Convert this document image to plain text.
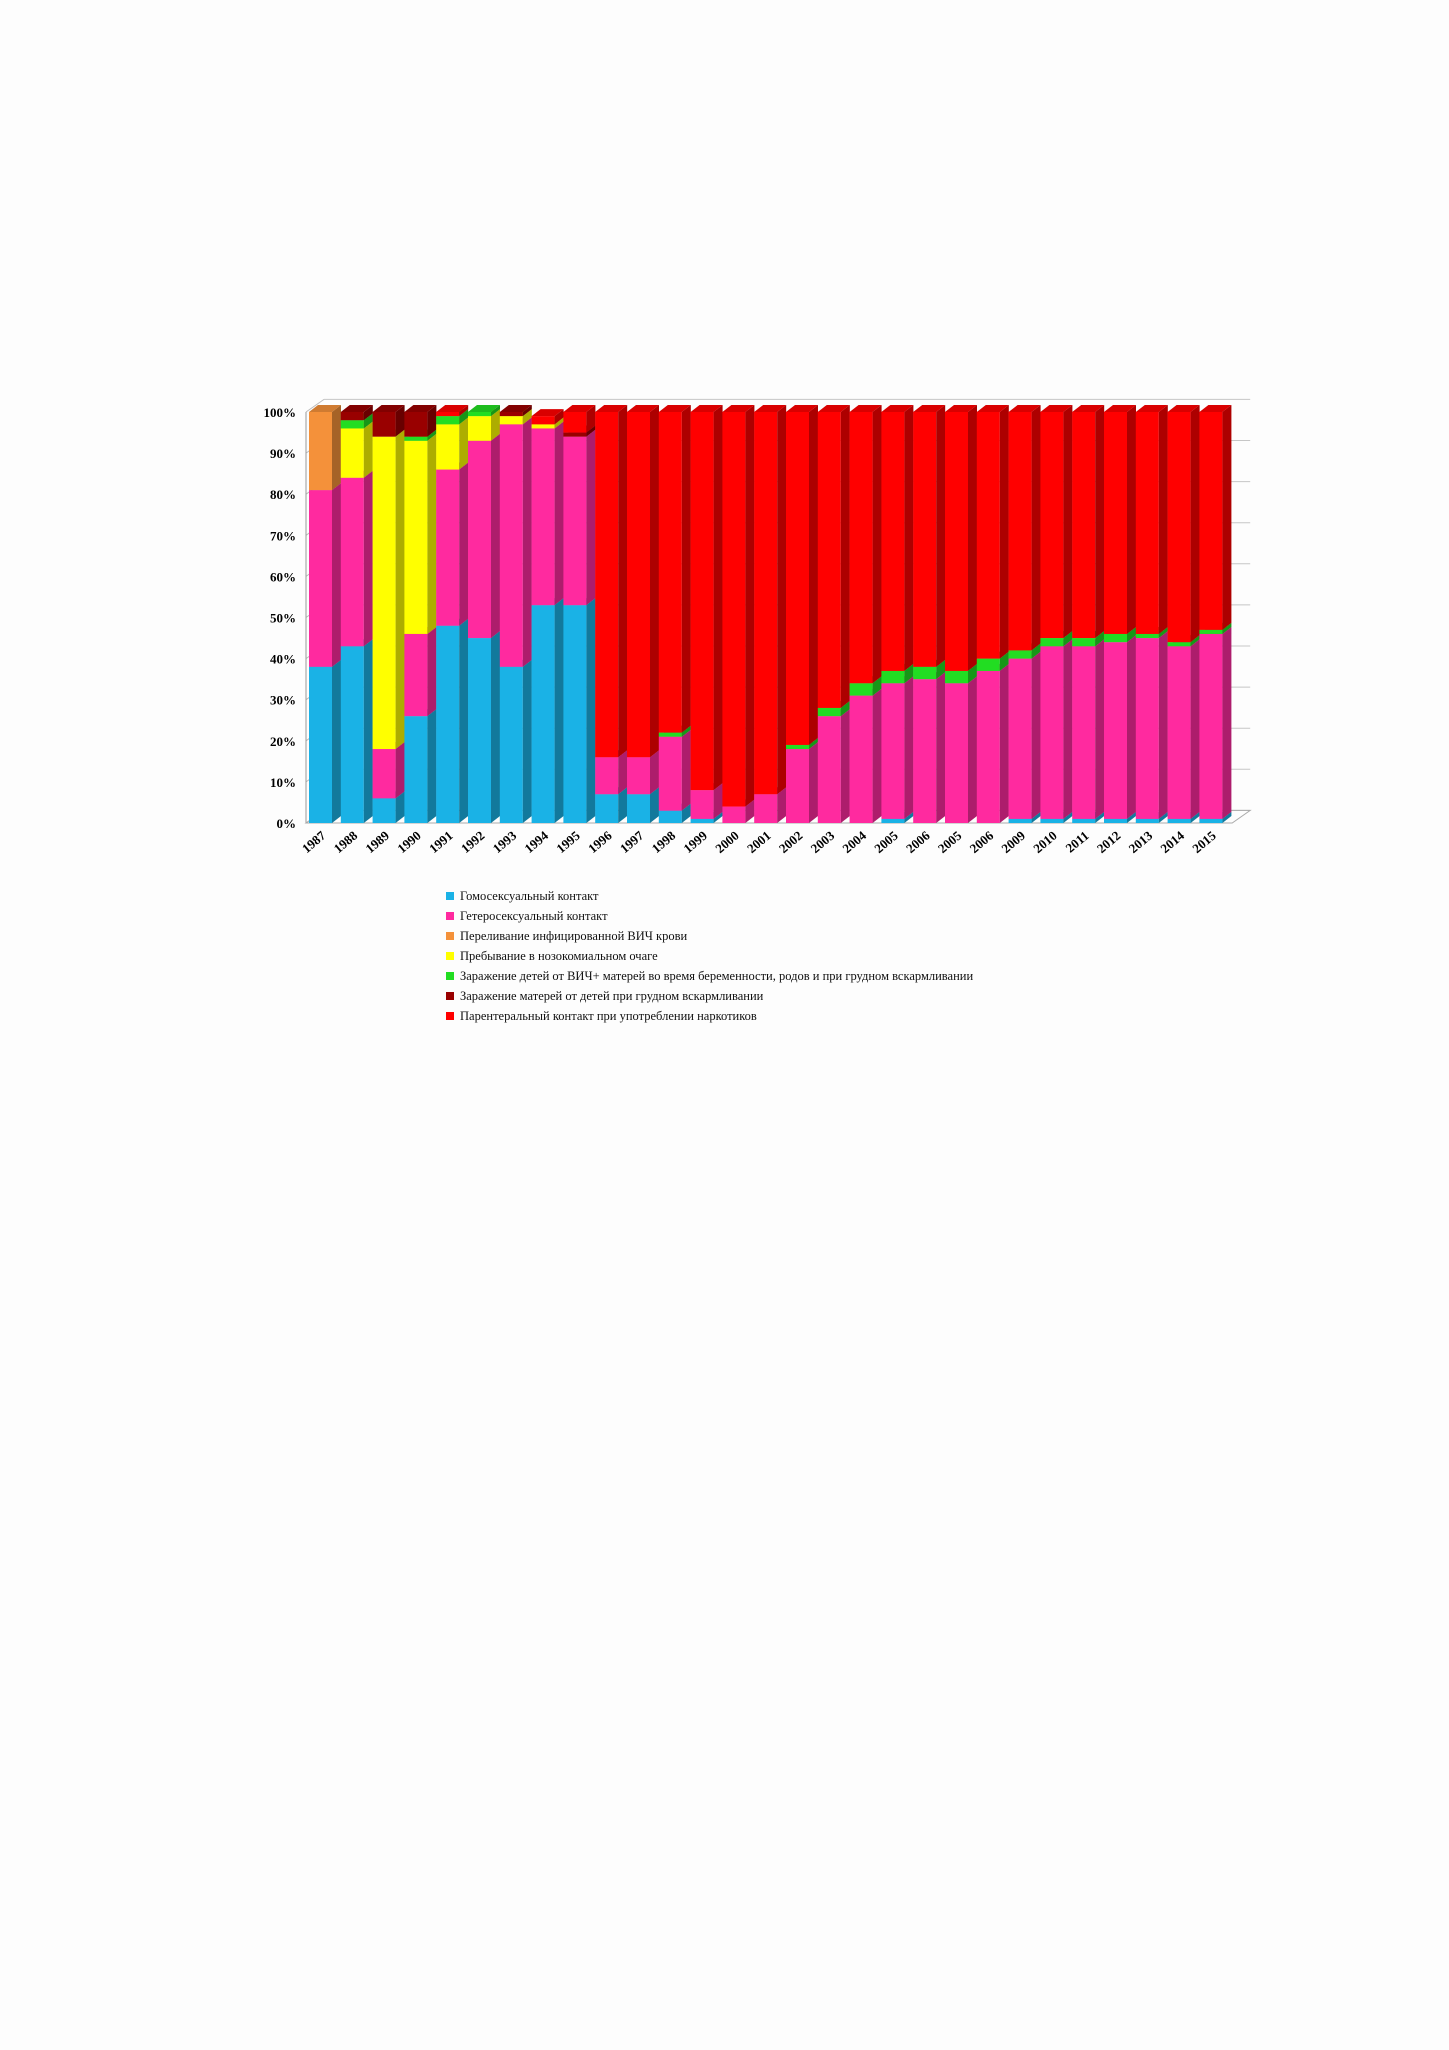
0%
10%
20%
30%
40%
50%
60%
70%
80%
90%
100%
1987 1988 1989 1990 1991 1992 1993 1994 1995 1996 1997 1998 1999 2000 2001 2002 2003 2004 2005 2006 2005 2006 2009 2010 2011 2012 2013 2014 2015
Гомосексуальный контакт
Гетеросексуальный контакт
Переливание инфицированной ВИЧ крови
Пребывание в нозокомиальном очаге
Заражение детей от ВИЧ+ матерей во время беременности, родов и при грудном вскармливании
Заражение матерей от детей при грудном вскармливании
Парентеральный контакт при употреблении наркотиков
